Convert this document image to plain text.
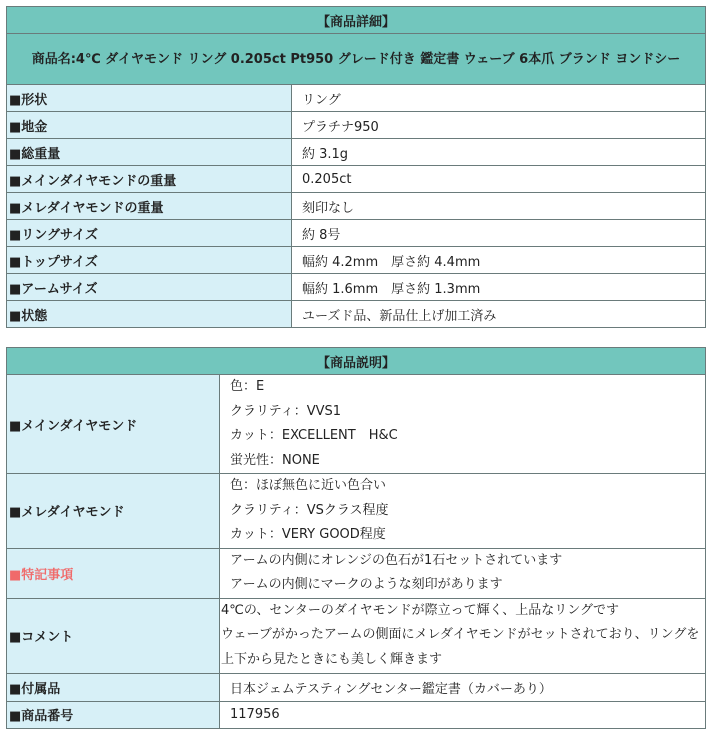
【商品詳細】	
商品名:4℃ ダイヤモンド リング 0.205ct Pt950 グレード付き 鑑定書 ウェーブ 6本爪 ブランド ヨンドシー	
■形状	リング
■地金	プラチナ950
■総重量	約 3.1g
■メインダイヤモンドの重量	0.205ct
■メレダイヤモンドの重量	刻印なし
■リングサイズ	約 8号
■トップサイズ	幅約 4.2mm　厚さ約 4.4mm
■アームサイズ	幅約 1.6mm　厚さ約 1.3mm
■状態	ユーズド品、新品仕上げ加工済み
【商品説明】	
■メインダイヤモンド	色：E
クラリティ：VVS1
カット：EXCELLENT　H&C
蛍光性：NONE

■メレダイヤモンド	色：ほぼ無色に近い色合い
クラリティ：VSクラス程度
カット：VERY GOOD程度

■特記事項	アームの内側にオレンジの色石が1石セットされています
アームの内側にマークのような刻印があります

■コメント	4℃の、センターのダイヤモンドが際立って輝く、上品なリングです
ウェーブがかったアームの側面にメレダイヤモンドがセットされており、リングを上下から見たときにも美しく輝きます

■付属品	日本ジェムテスティングセンター鑑定書（カバーあり）
■商品番号	117956
